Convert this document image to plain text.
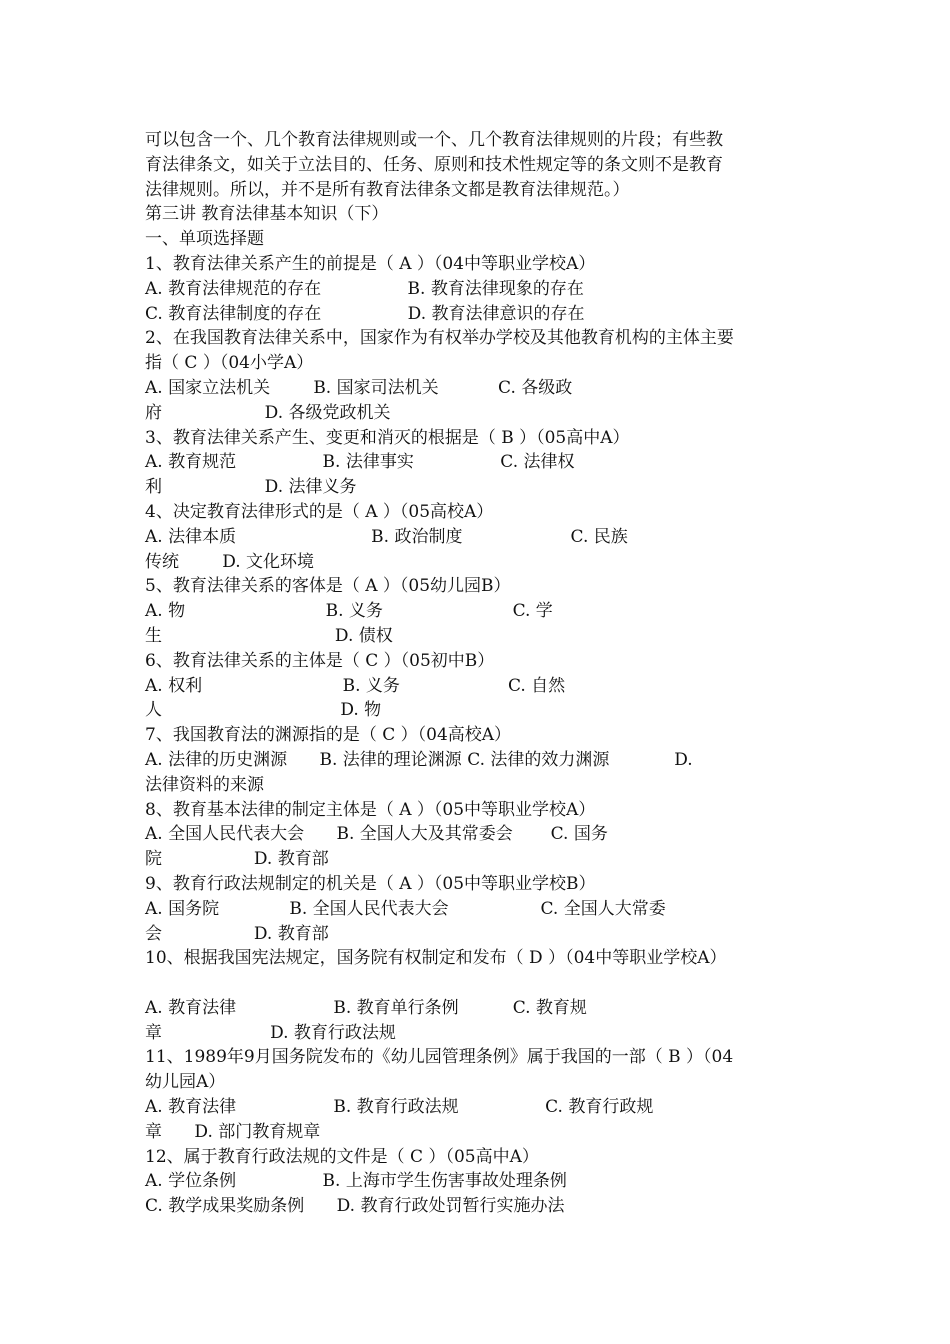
可以包含一个、几个教育法律规则或一个、几个教育法律规则的片段；有些教
育法律条文，如关于立法目的、任务、原则和技术性规定等的条文则不是教育
法律规则。所以，并不是所有教育法律条文都是教育法律规范。）
第三讲 教育法律基本知识（下）
一、单项选择题
1、教育法律关系产生的前提是（ A ）（04中等职业学校A）
A. 教育法律规范的存在                B. 教育法律现象的存在
C. 教育法律制度的存在                D. 教育法律意识的存在
2、在我国教育法律关系中，国家作为有权举办学校及其他教育机构的主体主要
指（ C ）（04小学A）
A. 国家立法机关        B. 国家司法机关           C. 各级政
府                   D. 各级党政机关
3、教育法律关系产生、变更和消灭的根据是（ B ）（05高中A）
A. 教育规范                B. 法律事实                C. 法律权
利                   D. 法律义务
4、决定教育法律形式的是（ A ）（05高校A）
A. 法律本质                         B. 政治制度                    C. 民族
传统        D. 文化环境
5、教育法律关系的客体是（ A ）（05幼儿园B）
A. 物                          B. 义务                        C. 学
生                                D. 债权
6、教育法律关系的主体是（ C ）（05初中B）
A. 权利                          B. 义务                    C. 自然
人                                 D. 物
7、我国教育法的渊源指的是（ C ）（04高校A）
A. 法律的历史渊源      B. 法律的理论渊源 C. 法律的效力渊源            D.
法律资料的来源
8、教育基本法律的制定主体是（ A ）（05中等职业学校A）
A. 全国人民代表大会      B. 全国人大及其常委会       C. 国务
院                 D. 教育部
9、教育行政法规制定的机关是（ A ）（05中等职业学校B）
A. 国务院             B. 全国人民代表大会                 C. 全国人大常委
会                 D. 教育部
10、根据我国宪法规定，国务院有权制定和发布（ D ）（04中等职业学校A）
A. 教育法律                  B. 教育单行条例          C. 教育规
章                    D. 教育行政法规
11、1989年9月国务院发布的《幼儿园管理条例》属于我国的一部（ B ）（04
幼儿园A）
A. 教育法律                  B. 教育行政法规                C. 教育行政规
章      D. 部门教育规章
12、属于教育行政法规的文件是（ C ）（05高中A）
A. 学位条例                B. 上海市学生伤害事故处理条例
C. 教学成果奖励条例      D. 教育行政处罚暂行实施办法
